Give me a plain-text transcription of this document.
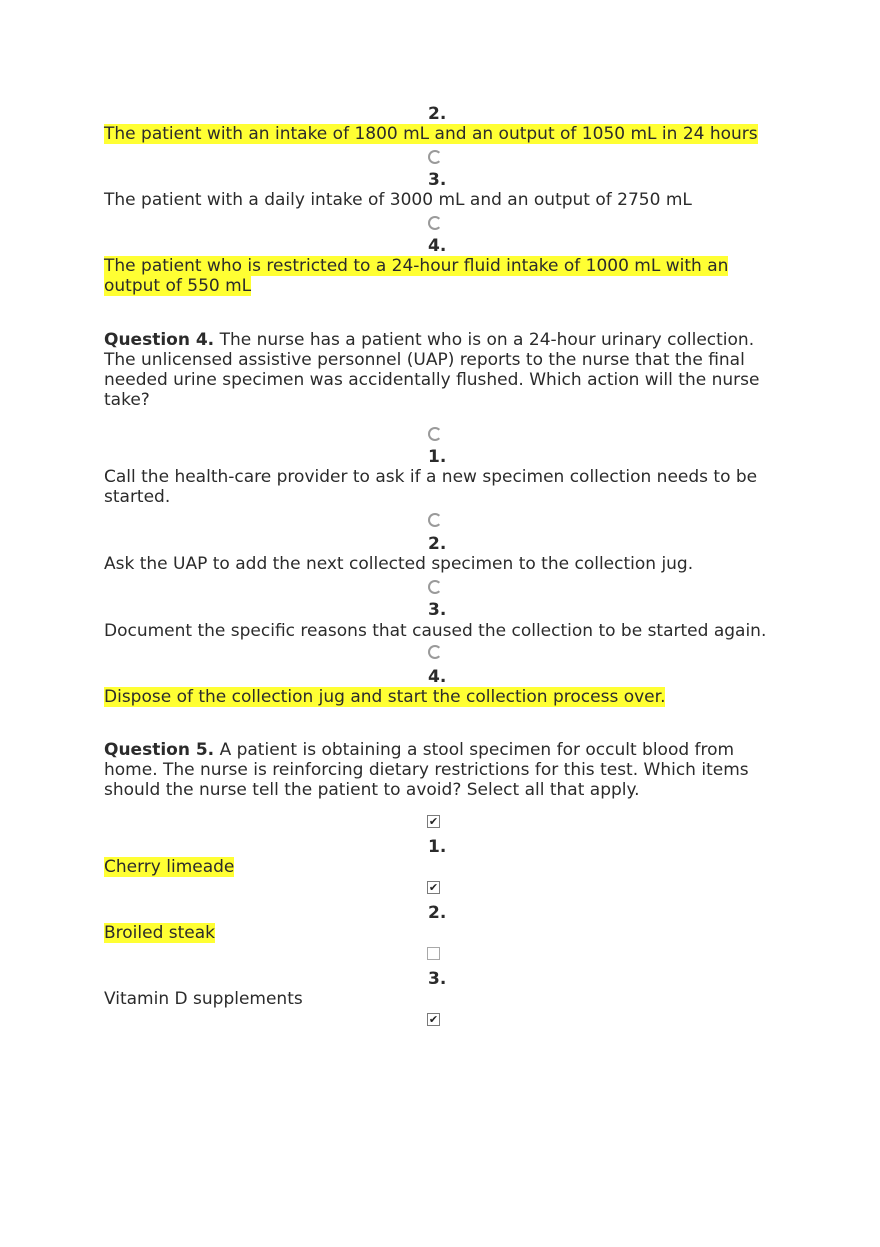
2.
The patient with an intake of 1800 mL and an output of 1050 mL in 24 hours
3.
The patient with a daily intake of 3000 mL and an output of 2750 mL
4.
The patient who is restricted to a 24-hour fluid intake of 1000 mL with an
output of 550 mL
Question 4. The nurse has a patient who is on a 24-hour urinary collection.
The unlicensed assistive personnel (UAP) reports to the nurse that the final
needed urine specimen was accidentally flushed. Which action will the nurse
take?
1.
Call the health-care provider to ask if a new specimen collection needs to be
started.
2.
Ask the UAP to add the next collected specimen to the collection jug.
3.
Document the specific reasons that caused the collection to be started again.
4.
Dispose of the collection jug and start the collection process over.
Question 5. A patient is obtaining a stool specimen for occult blood from
home. The nurse is reinforcing dietary restrictions for this test. Which items
should the nurse tell the patient to avoid? Select all that apply.
✔
1.
Cherry limeade
✔
2.
Broiled steak
3.
Vitamin D supplements
✔
